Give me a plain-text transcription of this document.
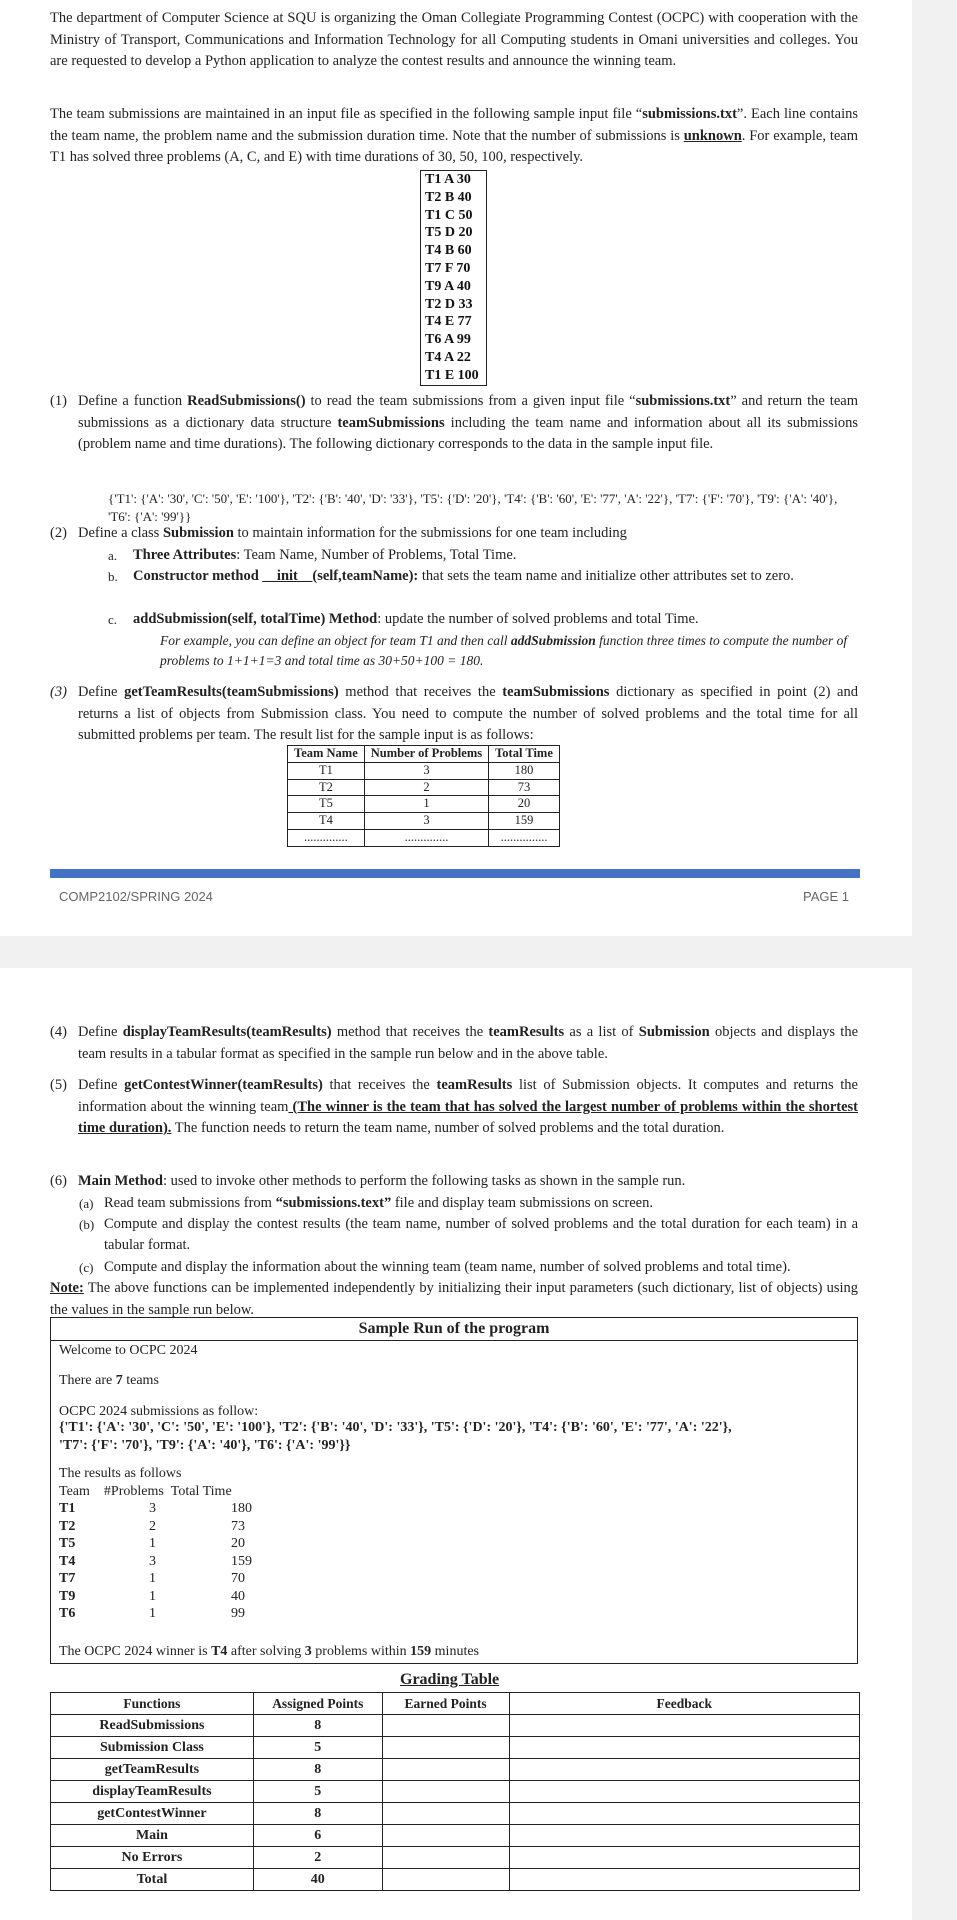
The department of Computer Science at SQU is organizing the Oman Collegiate Programming Contest (OCPC) with cooperation with the Ministry of Transport, Communications and Information Technology for all Computing students in Omani universities and colleges. You are requested to develop a Python application to analyze the contest results and announce the winning team.

The team submissions are maintained in an input file as specified in the following sample input file “submissions.txt”. Each line contains the team name, the problem name and the submission duration time. Note that the number of submissions is unknown. For example, team T1 has solved three problems (A, C, and E) with time durations of 30, 50, 100, respectively.

T1 A 30
T2 B 40
T1 C 50
T5 D 20
T4 B 60
T7 F 70
T9 A 40
T2 D 33
T4 E 77
T6 A 99
T4 A 22
T1 E 100
(1) Define a function ReadSubmissions() to read the team submissions from a given input file “submissions.txt” and return the team submissions as a dictionary data structure teamSubmissions including the team name and information about all its submissions (problem name and time durations). The following dictionary corresponds to the data in the sample input file.

{'T1': {'A': '30', 'C': '50', 'E': '100'}, 'T2': {'B': '40', 'D': '33'}, 'T5': {'D': '20'}, 'T4': {'B': '60', 'E': '77', 'A': '22'}, 'T7': {'F': '70'}, 'T9': {'A': '40'}, 'T6': {'A': '99'}}

(2) Define a class Submission to maintain information for the submissions for one team including
a. Three Attributes: Team Name, Number of Problems, Total Time.
b. Constructor method __init__(self,teamName): that sets the team name and initialize other attributes set to zero.
c. addSubmission(self, totalTime) Method: update the number of solved problems and total Time.

For example, you can define an object for team T1 and then call addSubmission function three times to compute the number of problems to 1+1+1=3 and total time as 30+50+100 = 180.

(3) Define getTeamResults(teamSubmissions) method that receives the teamSubmissions dictionary as specified in point (2) and returns a list of objects from Submission class. You need to compute the number of solved problems and the total time for all submitted problems per team. The result list for the sample input is as follows:
Team Name	Number of Problems	Total Time
T1	3	180
T2	2	73
T5	1	20
T4	3	159
..............	..............	...............
COMP2102/SPRING 2024	PAGE 1
(4) Define displayTeamResults(teamResults) method that receives the teamResults as a list of Submission objects and displays the team results in a tabular format as specified in the sample run below and in the above table.
(5) Define getContestWinner(teamResults) that receives the teamResults list of Submission objects. It computes and returns the information about the winning team (The winner is the team that has solved the largest number of problems within the shortest time duration). The function needs to return the team name, number of solved problems and the total duration.
(6) Main Method: used to invoke other methods to perform the following tasks as shown in the sample run.
(a) Read team submissions from “submissions.text” file and display team submissions on screen.
(b) Compute and display the contest results (the team name, number of solved problems and the total duration for each team) in a tabular format.
(c) Compute and display the information about the winning team (team name, number of solved problems and total time).

Note: The above functions can be implemented independently by initializing their input parameters (such dictionary, list of objects) using the values in the sample run below.

Sample Run of the program
Welcome to OCPC 2024
There are 7 teams
OCPC 2024 submissions as follow:
{'T1': {'A': '30', 'C': '50', 'E': '100'}, 'T2': {'B': '40', 'D': '33'}, 'T5': {'D': '20'}, 'T4': {'B': '60', 'E': '77', 'A': '22'},
'T7': {'F': '70'}, 'T9': {'A': '40'}, 'T6': {'A': '99'}}
The results as follows
Team #Problems Total Time
T1	3	180
T2	2	73
T5	1	20
T4	3	159
T7	1	70
T9	1	40
T6	1	99
The OCPC 2024 winner is T4 after solving 3 problems within 159 minutes
Grading Table
Functions	Assigned Points	Earned Points	Feedback
ReadSubmissions	8		
Submission Class	5		
getTeamResults	8		
displayTeamResults	5		
getContestWinner	8		
Main	6		
No Errors	2		
Total	40		
